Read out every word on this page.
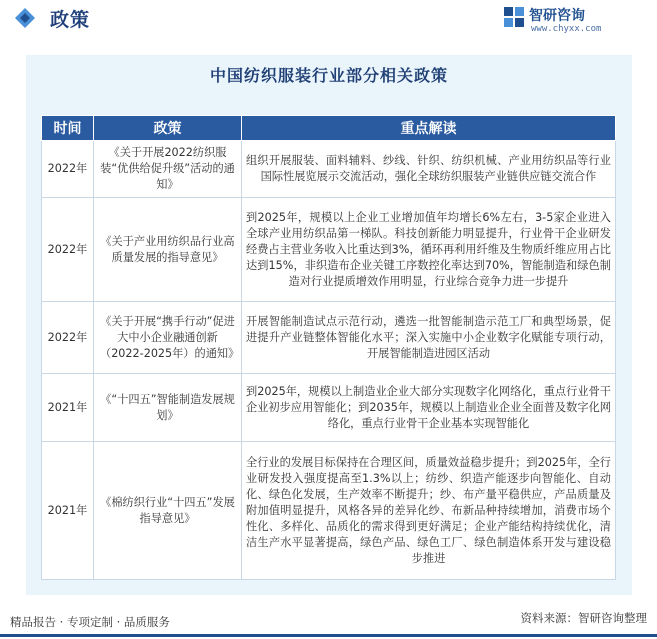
政策	智研咨询
www.chyxx.com
中国纺织服装行业部分相关政策
时间	政策	重点解读
2022年	《关于开展2022纺织服装“优供给促升级”活动的通知》	组织开展服装、面料辅料、纱线、针织、纺织机械、产业用纺织品等行业国际性展览展示交流活动，强化全球纺织服装产业链供应链交流合作
2022年	《关于产业用纺织品行业高质量发展的指导意见》	到2025年，规模以上企业工业增加值年均增长6%左右，3-5家企业进入全球产业用纺织品第一梯队。科技创新能力明显提升，行业骨干企业研发经费占主营业务收入比重达到3%，循环再利用纤维及生物质纤维应用占比达到15%，非织造布企业关键工序数控化率达到70%，智能制造和绿色制造对行业提质增效作用明显，行业综合竞争力进一步提升
2022年	《关于开展“携手行动”促进大中小企业融通创新（2022-2025年）的通知》	开展智能制造试点示范行动，遴选一批智能制造示范工厂和典型场景，促进提升产业链整体智能化水平；深入实施中小企业数字化赋能专项行动，开展智能制造进园区活动
2021年	《“十四五”智能制造发展规划》	到2025年，规模以上制造业企业大部分实现数字化网络化，重点行业骨干企业初步应用智能化；到2035年，规模以上制造业企业全面普及数字化网络化，重点行业骨干企业基本实现智能化
2021年	《棉纺织行业“十四五”发展指导意见》	全行业的发展目标保持在合理区间，质量效益稳步提升；到2025年，全行业研发投入强度提高至1.3%以上；纺纱、织造产能逐步向智能化、自动化、绿色化发展，生产效率不断提升；纱、布产量平稳供应，产品质量及附加值明显提升，风格各异的差异化纱、布新品种持续增加，消费市场个性化、多样化、品质化的需求得到更好满足；企业产能结构持续优化，清洁生产水平显著提高，绿色产品、绿色工厂、绿色制造体系开发与建设稳步推进
精品报告 · 专项定制 · 品质服务	资料来源：智研咨询整理
